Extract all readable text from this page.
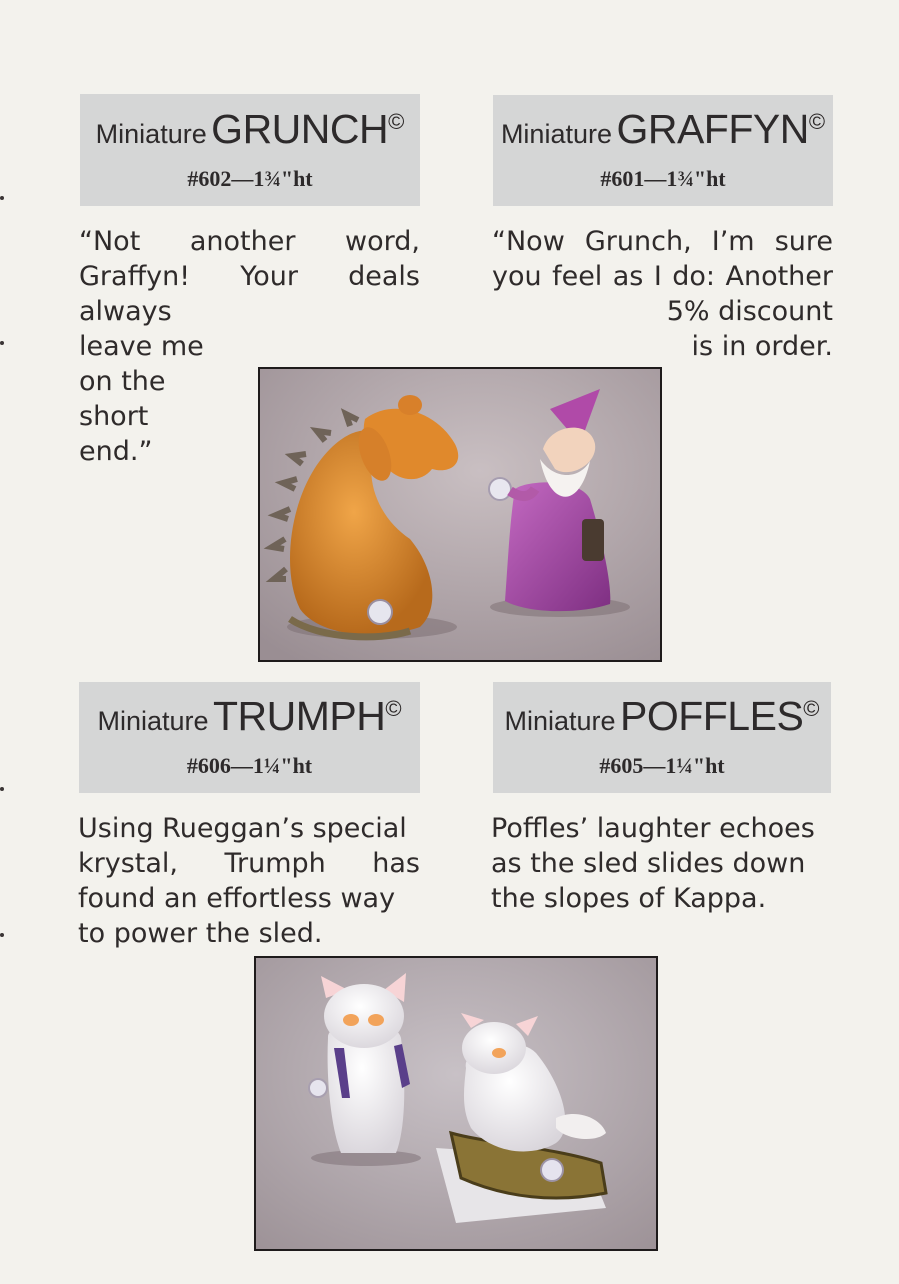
Miniature GRUNCH©
#602—1¾"ht
Miniature GRAFFYN©
#601—1¾"ht
“Not another word,
Graffyn! Your deals
always
leave me
on the
short
end.”
“Now Grunch, I’m sure
you feel as I do: Another
5% discount
is in order.
Miniature TRUMPH©
#606—1¼"ht
Miniature POFFLES©
#605—1¼"ht
Using Rueggan’s special
krystal, Trumph has
found an effortless way
to power the sled.
Poffles’ laughter echoes
as the sled slides down
the slopes of Kappa.
